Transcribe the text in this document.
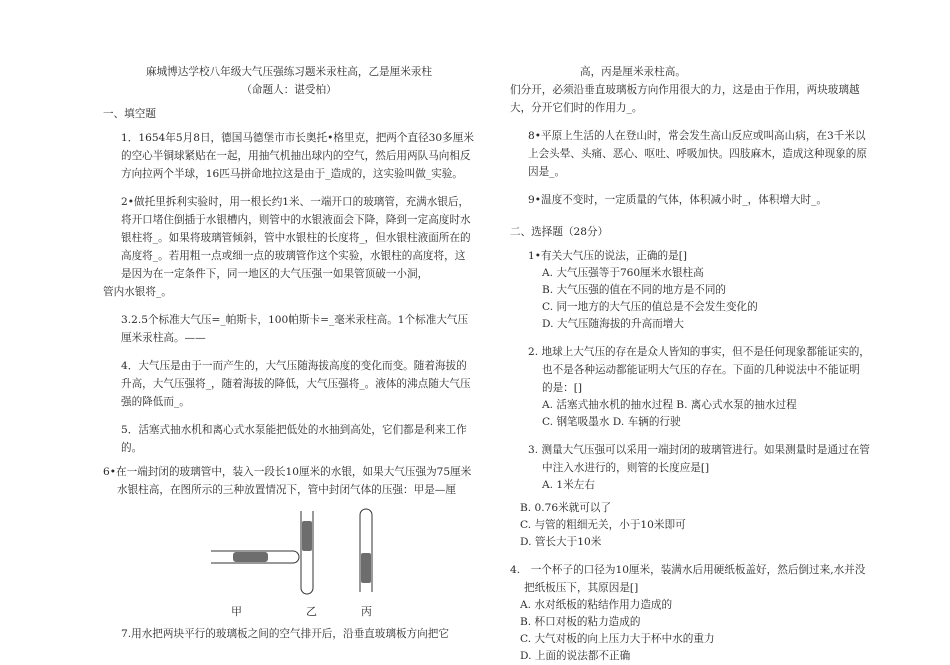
麻城博达学校八年级大气压强练习题米汞柱高，乙是厘米汞柱

（命题人：谌受柏）

一、填空题

1．1654年5月8日，德国马德堡市市长奥托•格里克，把两个直径30多厘米的空心半铜球紧贴在一起，用抽气机抽出球内的空气，然后用两队马向相反方向拉两个半球，16匹马拼命地拉这是由于_造成的，这实验叫做_实验。

2•做托里拆利实验时，用一根长约1米、一端开口的玻璃管，充满水银后，将开口堵住倒插于水银槽内，则管中的水银液面会下降，降到一定高度时水银柱将_。如果将玻璃管倾斜，管中水银柱的长度将_，但水银柱液面所在的高度将_。若用粗一点或细一点的玻璃管作这个实验，水银柱的高度将，这是因为在一定条件下，同一地区的大气压强一如果管顶破一小洞，

管内水银将_。

3.2.5个标准大气压=_帕斯卡，100帕斯卡=_毫米汞柱高。1个标准大气压厘米汞柱高。——

4．大气压是由于一而产生的，大气压随海拔高度的变化而变。随着海拔的升高，大气压强将_，随着海拔的降低，大气压强将_。液体的沸点随大气压强的降低而_。

5．活塞式抽水机和离心式水泵能把低处的水抽到高处，它们都是利来工作的。

6•在一端封闭的玻璃管中，装入一段长10厘米的水银，如果大气压强为75厘米水银柱高，在图所示的三种放置情况下，管中封闭气体的压强：甲是—厘

甲	乙	丙

7.用水把两块平行的玻璃板之间的空气排开后，沿垂直玻璃板方向把它

高，丙是厘米汞柱高。

们分开，必须沿垂直玻璃板方向作用很大的力，这是由于作用，两块玻璃越大，分开它们时的作用力_。

8•平原上生活的人在登山时，常会发生高山反应或叫高山病，在3千米以上会头晕、头痛、恶心、呕吐、呼吸加快。四肢麻木，造成这种现象的原因是_。

9•温度不变时，一定质量的气体，体积减小时_，体积增大时_。

二、选择题（28分）

1•有关大气压的说法，正确的是[]

A. 大气压强等于760厘米水银柱高

B. 大气压强的值在不同的地方是不同的

C. 同一地方的大气压的值总是不会发生变化的

D. 大气压随海拔的升高而增大

2. 地球上大气压的存在是众人皆知的事实，但不是任何现象都能证实的，也不是各种运动都能证明大气压的存在。下面的几种说法中不能证明的是：[]

A. 活塞式抽水机的抽水过程 B. 离心式水泵的抽水过程

C. 钢笔吸墨水 D. 车辆的行驶

3. 测量大气压强可以采用一端封闭的玻璃管进行。如果测量时是通过在管中注入水进行的，则管的长度应是[]

A. 1米左右

B. 0.76米就可以了

C. 与管的粗细无关，小于10米即可

D. 管长大于10米

4.　一个杯子的口径为10厘米，装满水后用硬纸板盖好，然后倒过来,水并没把纸板压下，其原因是[]

A. 水对纸板的粘结作用力造成的

B. 杯口对板的粘力造成的

C. 大气对板的向上压力大于杯中水的重力

D. 上面的说法都不正确
